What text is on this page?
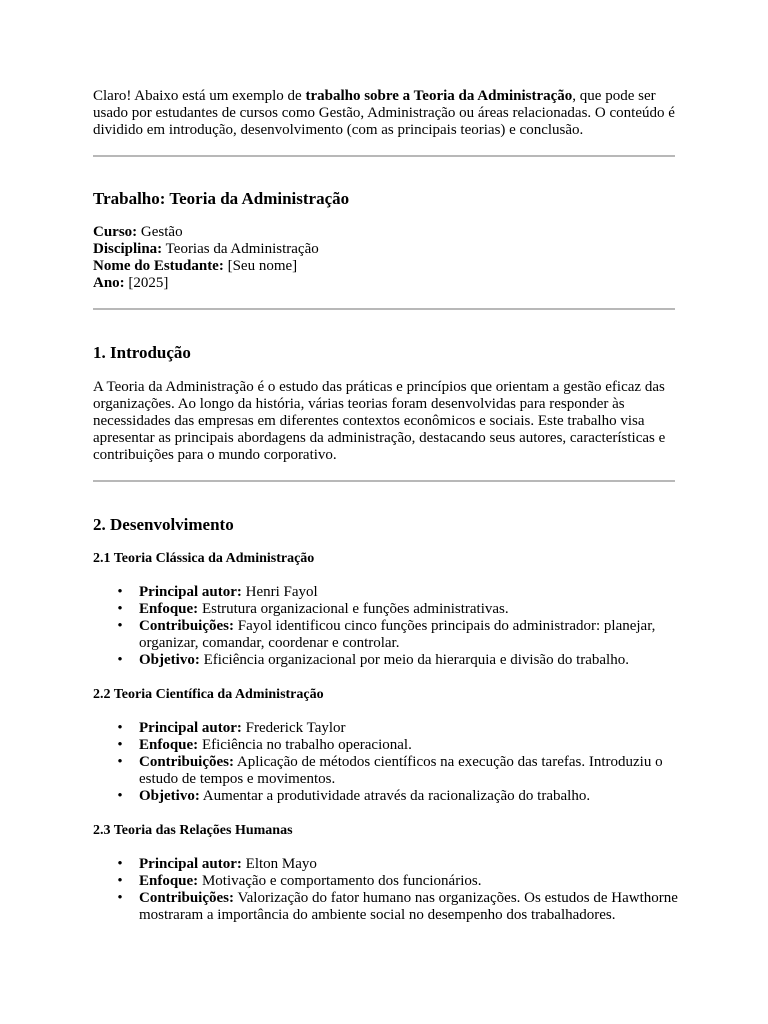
Claro! Abaixo está um exemplo de trabalho sobre a Teoria da Administração, que pode ser usado por estudantes de cursos como Gestão, Administração ou áreas relacionadas. O conteúdo é dividido em introdução, desenvolvimento (com as principais teorias) e conclusão.

Trabalho: Teoria da Administração

Curso: Gestão

Disciplina: Teorias da Administração

Nome do Estudante: [Seu nome]

Ano: [2025]

1. Introdução

A Teoria da Administração é o estudo das práticas e princípios que orientam a gestão eficaz das organizações. Ao longo da história, várias teorias foram desenvolvidas para responder às necessidades das empresas em diferentes contextos econômicos e sociais. Este trabalho visa apresentar as principais abordagens da administração, destacando seus autores, características e contribuições para o mundo corporativo.

2. Desenvolvimento
2.1 Teoria Clássica da Administração
• Principal autor: Henri Fayol
• Enfoque: Estrutura organizacional e funções administrativas.
• Contribuições: Fayol identificou cinco funções principais do administrador: planejar, organizar, comandar, coordenar e controlar.
• Objetivo: Eficiência organizacional por meio da hierarquia e divisão do trabalho.
2.2 Teoria Científica da Administração
• Principal autor: Frederick Taylor
• Enfoque: Eficiência no trabalho operacional.
• Contribuições: Aplicação de métodos científicos na execução das tarefas. Introduziu o estudo de tempos e movimentos.
• Objetivo: Aumentar a produtividade através da racionalização do trabalho.
2.3 Teoria das Relações Humanas
• Principal autor: Elton Mayo
• Enfoque: Motivação e comportamento dos funcionários.
• Contribuições: Valorização do fator humano nas organizações. Os estudos de Hawthorne mostraram a importância do ambiente social no desempenho dos trabalhadores.
